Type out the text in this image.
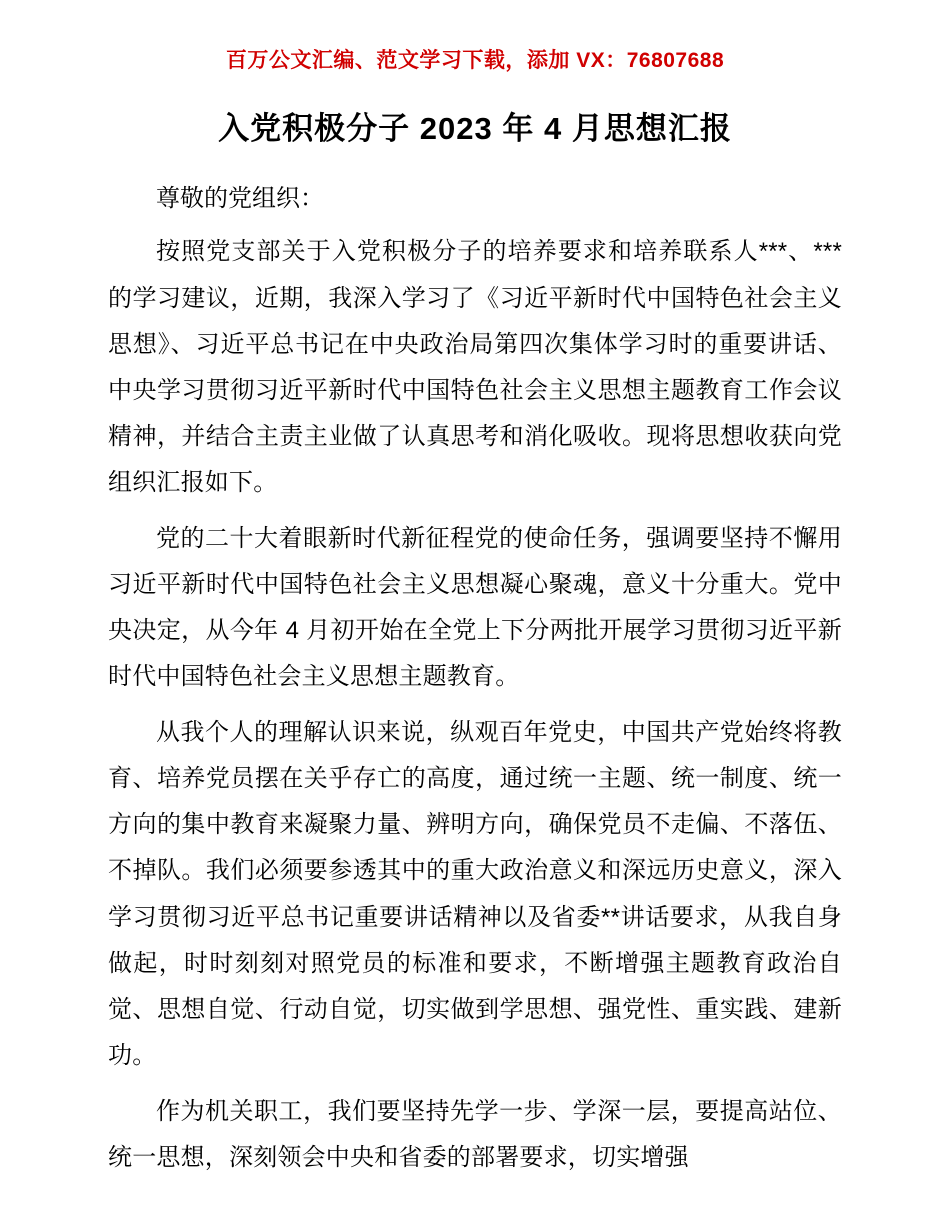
百万公文汇编、范文学习下载，添加 VX：76807688
入党积极分子 2023 年 4 月思想汇报

尊敬的党组织：

按照党支部关于入党积极分子的培养要求和培养联系人***、***的学习建议，近期，我深入学习了《习近平新时代中国特色社会主义思想》、习近平总书记在中央政治局第四次集体学习时的重要讲话、中央学习贯彻习近平新时代中国特色社会主义思想主题教育工作会议精神，并结合主责主业做了认真思考和消化吸收。现将思想收获向党组织汇报如下。

党的二十大着眼新时代新征程党的使命任务，强调要坚持不懈用习近平新时代中国特色社会主义思想凝心聚魂，意义十分重大。党中央决定，从今年 4 月初开始在全党上下分两批开展学习贯彻习近平新时代中国特色社会主义思想主题教育。

从我个人的理解认识来说，纵观百年党史，中国共产党始终将教育、培养党员摆在关乎存亡的高度，通过统一主题、统一制度、统一方向的集中教育来凝聚力量、辨明方向，确保党员不走偏、不落伍、不掉队。我们必须要参透其中的重大政治意义和深远历史意义，深入学习贯彻习近平总书记重要讲话精神以及省委**讲话要求，从我自身做起，时时刻刻对照党员的标准和要求，不断增强主题教育政治自觉、思想自觉、行动自觉，切实做到学思想、强党性、重实践、建新功。

作为机关职工，我们要坚持先学一步、学深一层，要提高站位、统一思想，深刻领会中央和省委的部署要求，切实增强
